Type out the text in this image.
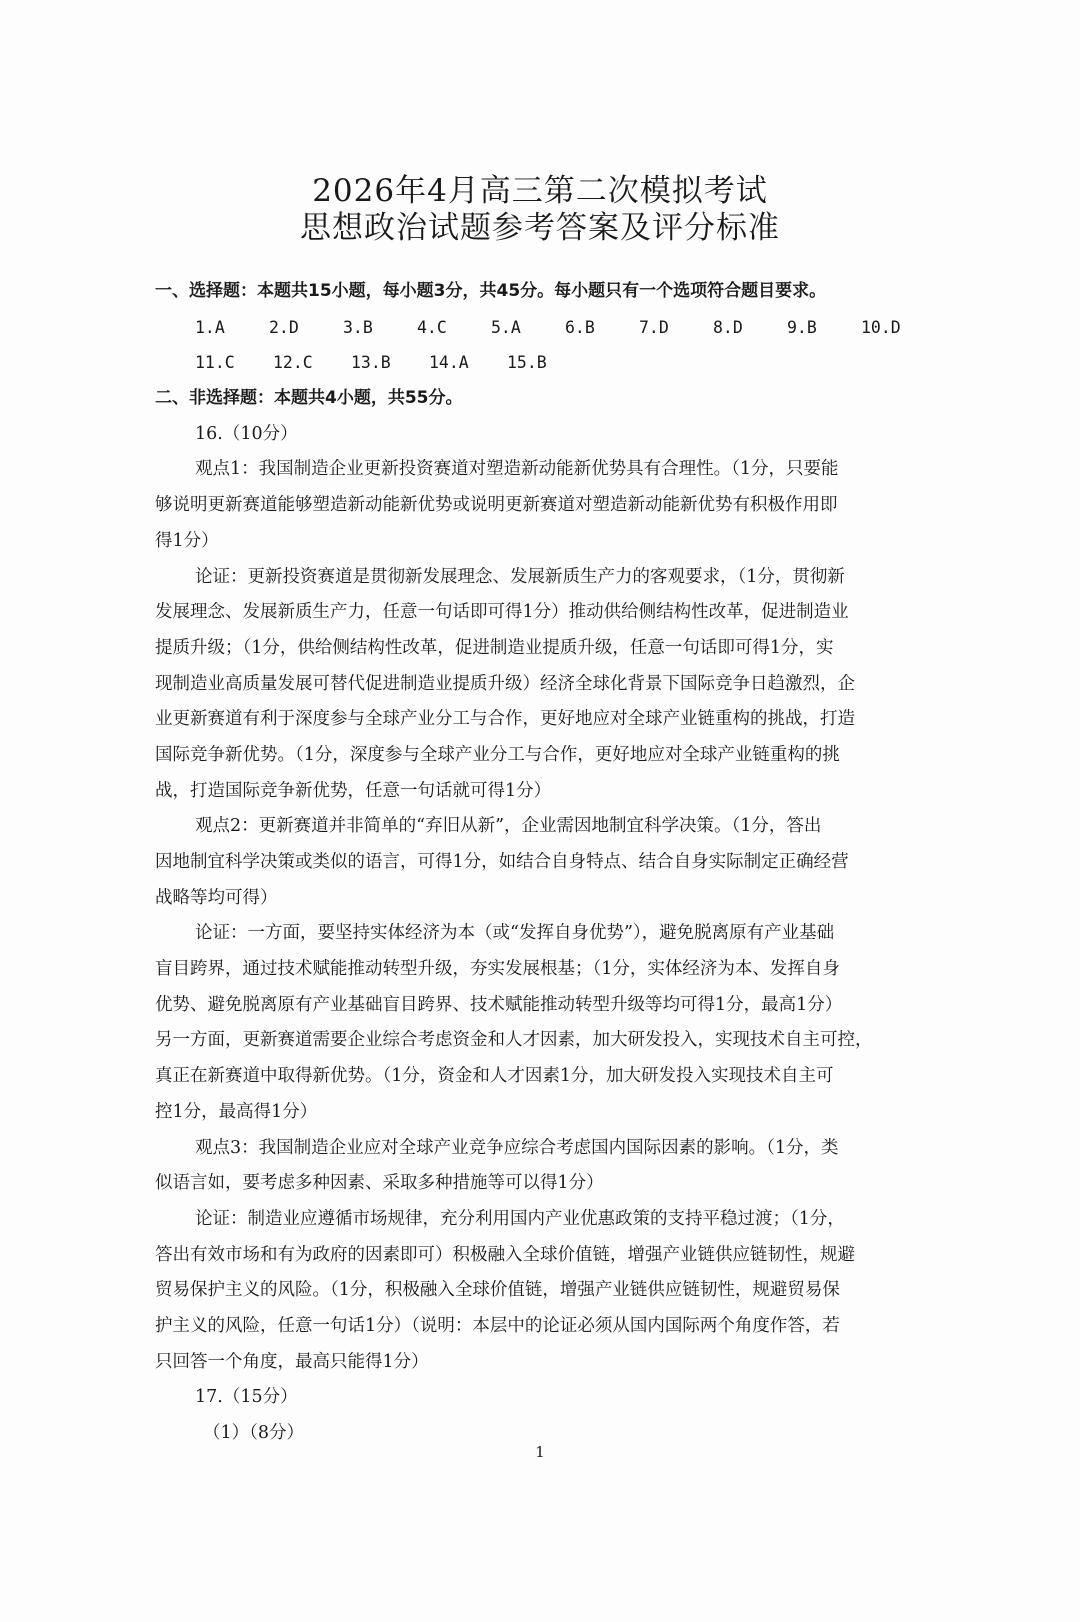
2026年4月高三第二次模拟考试
思想政治试题参考答案及评分标准
一、选择题：本题共15小题，每小题3分，共45分。每小题只有一个选项符合题目要求。
1.A	2.D	3.B	4.C	5.A	6.B	7.D	8.D	9.B	10.D
11.C	12.C	13.B	14.A	15.B
二、非选择题：本题共4小题，共55分。
16.（10分）
观点1：我国制造企业更新投资赛道对塑造新动能新优势具有合理性。（1分，只要能
够说明更新赛道能够塑造新动能新优势或说明更新赛道对塑造新动能新优势有积极作用即
得1分）
论证：更新投资赛道是贯彻新发展理念、发展新质生产力的客观要求，（1分，贯彻新
发展理念、发展新质生产力，任意一句话即可得1分）推动供给侧结构性改革，促进制造业
提质升级；（1分，供给侧结构性改革，促进制造业提质升级，任意一句话即可得1分，实
现制造业高质量发展可替代促进制造业提质升级）经济全球化背景下国际竞争日趋激烈，企
业更新赛道有利于深度参与全球产业分工与合作，更好地应对全球产业链重构的挑战，打造
国际竞争新优势。（1分，深度参与全球产业分工与合作，更好地应对全球产业链重构的挑
战，打造国际竞争新优势，任意一句话就可得1分）
观点2：更新赛道并非简单的“弃旧从新”，企业需因地制宜科学决策。（1分，答出
因地制宜科学决策或类似的语言，可得1分，如结合自身特点、结合自身实际制定正确经营
战略等均可得）
论证：一方面，要坚持实体经济为本（或“发挥自身优势”），避免脱离原有产业基础
盲目跨界，通过技术赋能推动转型升级，夯实发展根基；（1分，实体经济为本、发挥自身
优势、避免脱离原有产业基础盲目跨界、技术赋能推动转型升级等均可得1分，最高1分）
另一方面，更新赛道需要企业综合考虑资金和人才因素，加大研发投入，实现技术自主可控，
真正在新赛道中取得新优势。（1分，资金和人才因素1分，加大研发投入实现技术自主可
控1分，最高得1分）
观点3：我国制造企业应对全球产业竞争应综合考虑国内国际因素的影响。（1分，类
似语言如，要考虑多种因素、采取多种措施等可以得1分）
论证：制造业应遵循市场规律，充分利用国内产业优惠政策的支持平稳过渡；（1分，
答出有效市场和有为政府的因素即可）积极融入全球价值链，增强产业链供应链韧性，规避
贸易保护主义的风险。（1分，积极融入全球价值链，增强产业链供应链韧性，规避贸易保
护主义的风险，任意一句话1分）（说明：本层中的论证必须从国内国际两个角度作答，若
只回答一个角度，最高只能得1分）
17.（15分）
（1）（8分）
1
